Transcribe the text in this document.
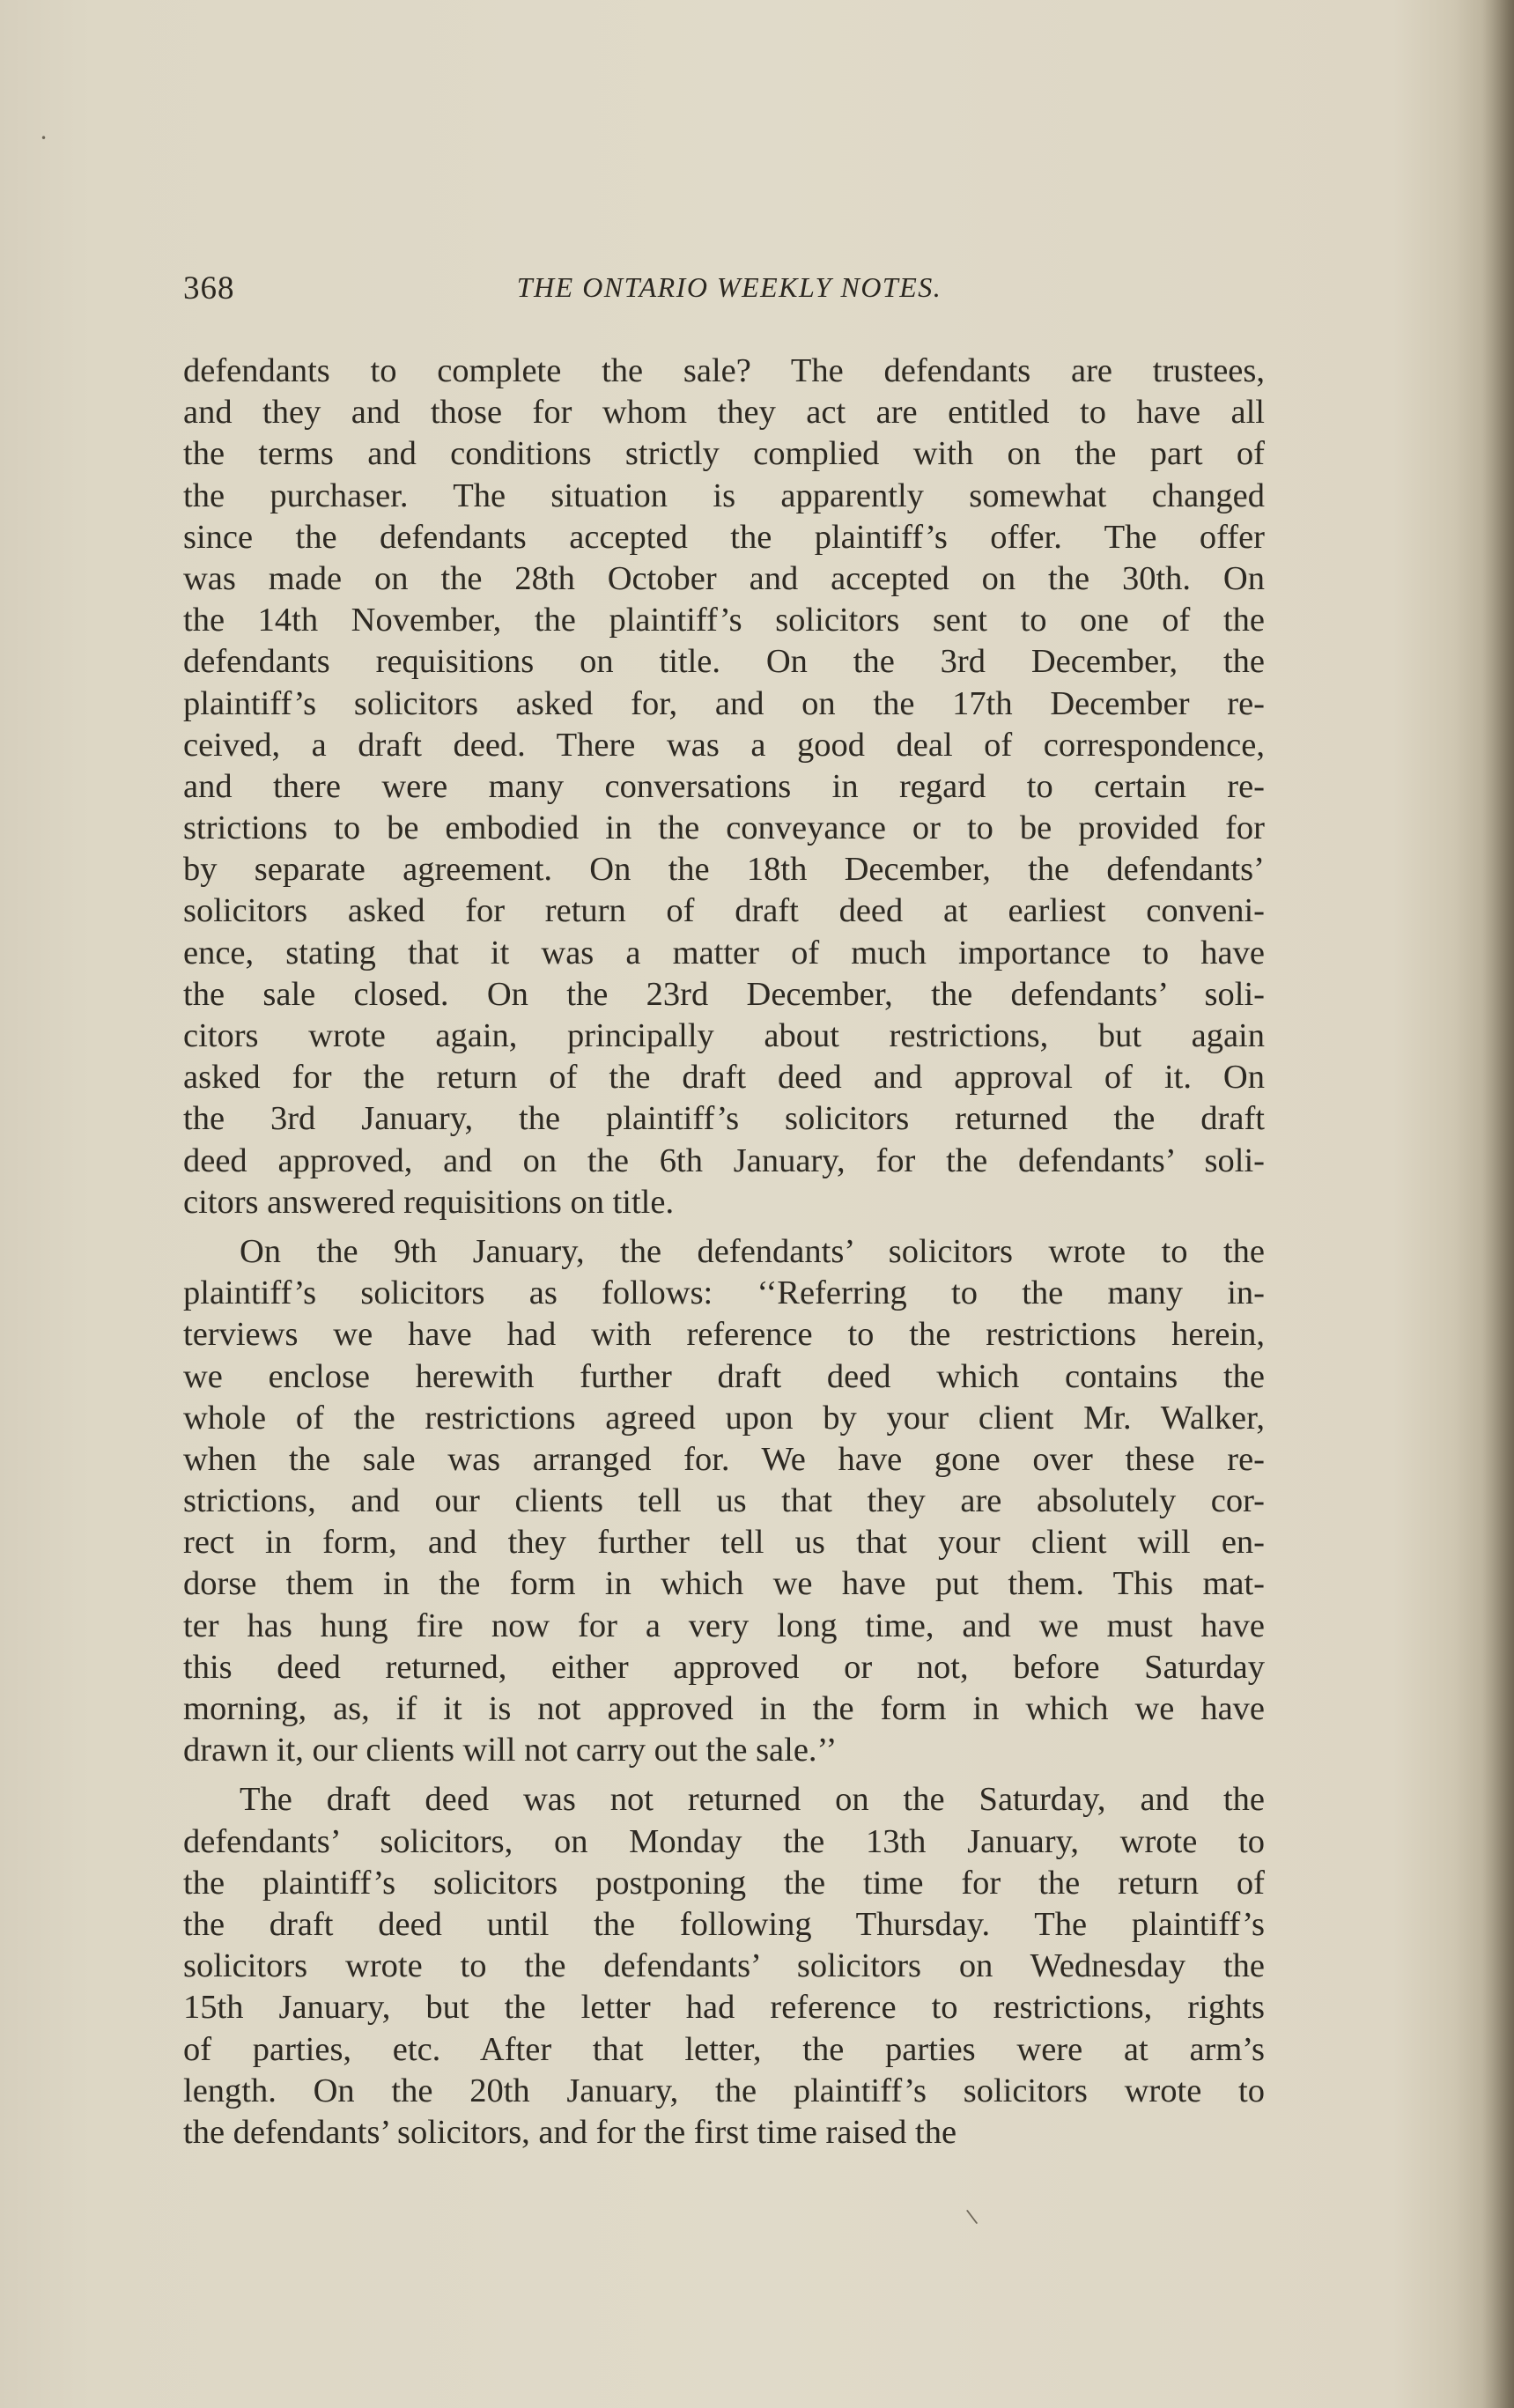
•
\
368	THE ONTARIO WEEKLY NOTES.
defendants to complete the sale? The defendants are trustees,
and they and those for whom they act are entitled to have all
the terms and conditions strictly complied with on the part of
the purchaser. The situation is apparently somewhat changed
since the defendants accepted the plaintiff’s offer. The offer
was made on the 28th October and accepted on the 30th. On
the 14th November, the plaintiff’s solicitors sent to one of the
defendants requisitions on title. On the 3rd December, the
plaintiff’s solicitors asked for, and on the 17th December re-
ceived, a draft deed. There was a good deal of correspondence,
and there were many conversations in regard to certain re-
strictions to be embodied in the conveyance or to be provided for
by separate agreement. On the 18th December, the defendants’
solicitors asked for return of draft deed at earliest conveni-
ence, stating that it was a matter of much importance to have
the sale closed. On the 23rd December, the defendants’ soli-
citors wrote again, principally about restrictions, but again
asked for the return of the draft deed and approval of it. On
the 3rd January, the plaintiff’s solicitors returned the draft
deed approved, and on the 6th January, for the defendants’ soli-
citors answered requisitions on title.
On the 9th January, the defendants’ solicitors wrote to the
plaintiff’s solicitors as follows: ‘‘Referring to the many in-
terviews we have had with reference to the restrictions herein,
we enclose herewith further draft deed which contains the
whole of the restrictions agreed upon by your client Mr. Walker,
when the sale was arranged for. We have gone over these re-
strictions, and our clients tell us that they are absolutely cor-
rect in form, and they further tell us that your client will en-
dorse them in the form in which we have put them. This mat-
ter has hung fire now for a very long time, and we must have
this deed returned, either approved or not, before Saturday
morning, as, if it is not approved in the form in which we have
drawn it, our clients will not carry out the sale.’’
The draft deed was not returned on the Saturday, and the
defendants’ solicitors, on Monday the 13th January, wrote to
the plaintiff’s solicitors postponing the time for the return of
the draft deed until the following Thursday. The plaintiff’s
solicitors wrote to the defendants’ solicitors on Wednesday the
15th January, but the letter had reference to restrictions, rights
of parties, etc. After that letter, the parties were at arm’s
length. On the 20th January, the plaintiff’s solicitors wrote to
the defendants’ solicitors, and for the first time raised the
